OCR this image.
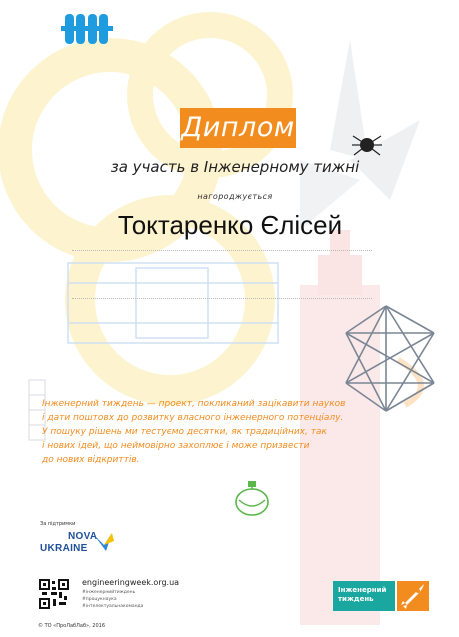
Диплом
за участь в Інженерному тижні
нагороджується
Токтаренко Єлісей
Інженерний тиждень — проект, покликаний зацікавити науков
і дати поштовх до розвитку власного інженерного потенціалу.
У пошуку рішень ми тестуємо десятки, як традиційних, так
і нових ідей, що неймовірно захоплює і може призвести
до нових відкриттів.
За підтримки
NOVA
UKRAINE
engineeringweek.org.ua
#інженернийтиждень
#процукнаука
#інтелектуальнакоманда
© ТО «ПроЛабЛаб», 2016
Інженерний
тиждень
